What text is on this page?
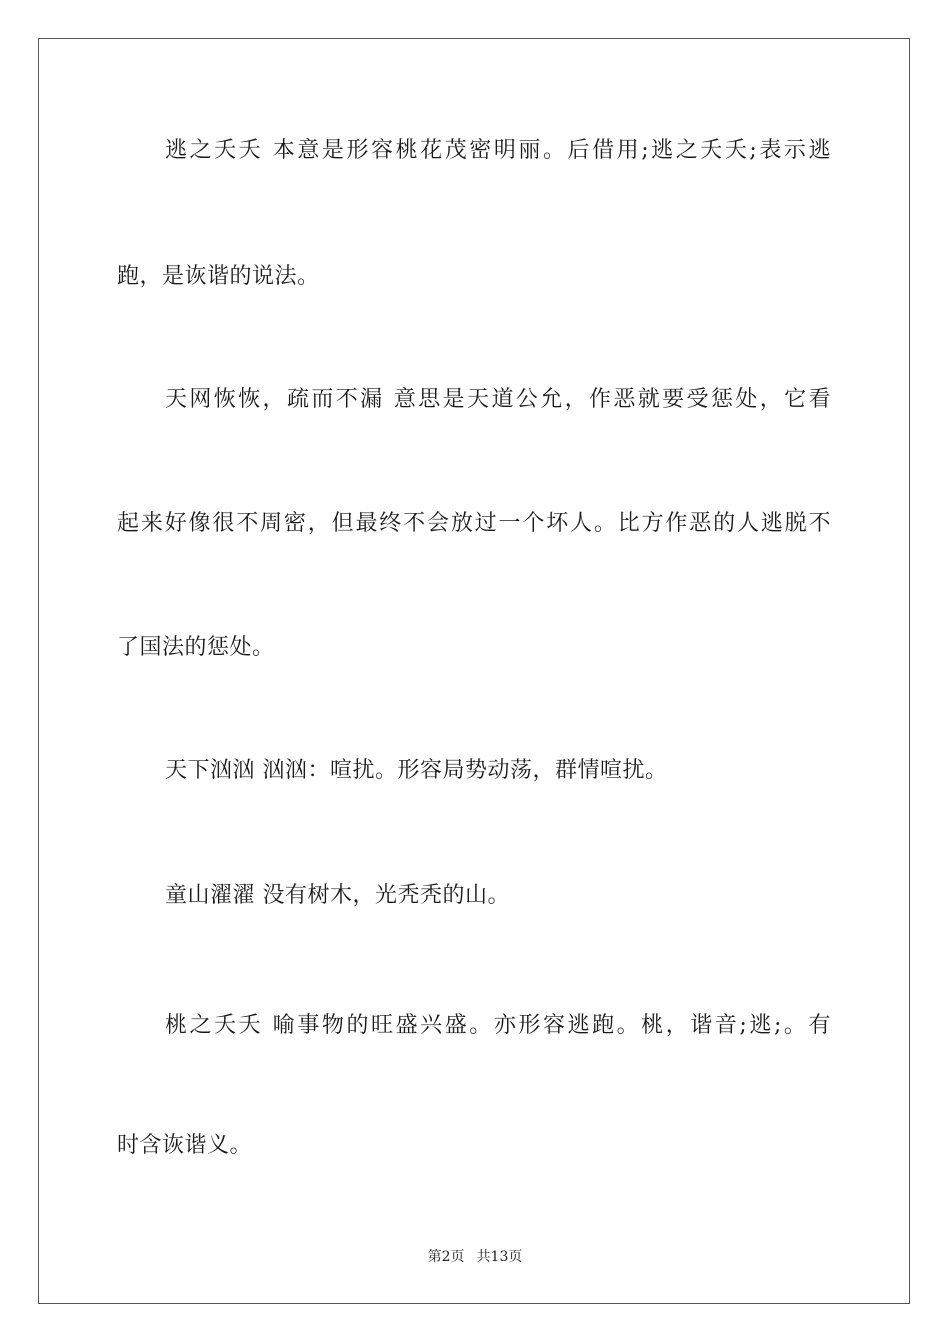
逃之夭夭 本意是形容桃花茂密明丽。后借用;逃之夭夭;表示逃
跑，是诙谐的说法。
天网恢恢，疏而不漏 意思是天道公允，作恶就要受惩处，它看
起来好像很不周密，但最终不会放过一个坏人。比方作恶的人逃脱不
了国法的惩处。
天下汹汹 汹汹：喧扰。形容局势动荡，群情喧扰。
童山濯濯 没有树木，光秃秃的山。
桃之夭夭 喻事物的旺盛兴盛。亦形容逃跑。桃，谐音;逃;。有
时含诙谐义。
第2页 共13页
